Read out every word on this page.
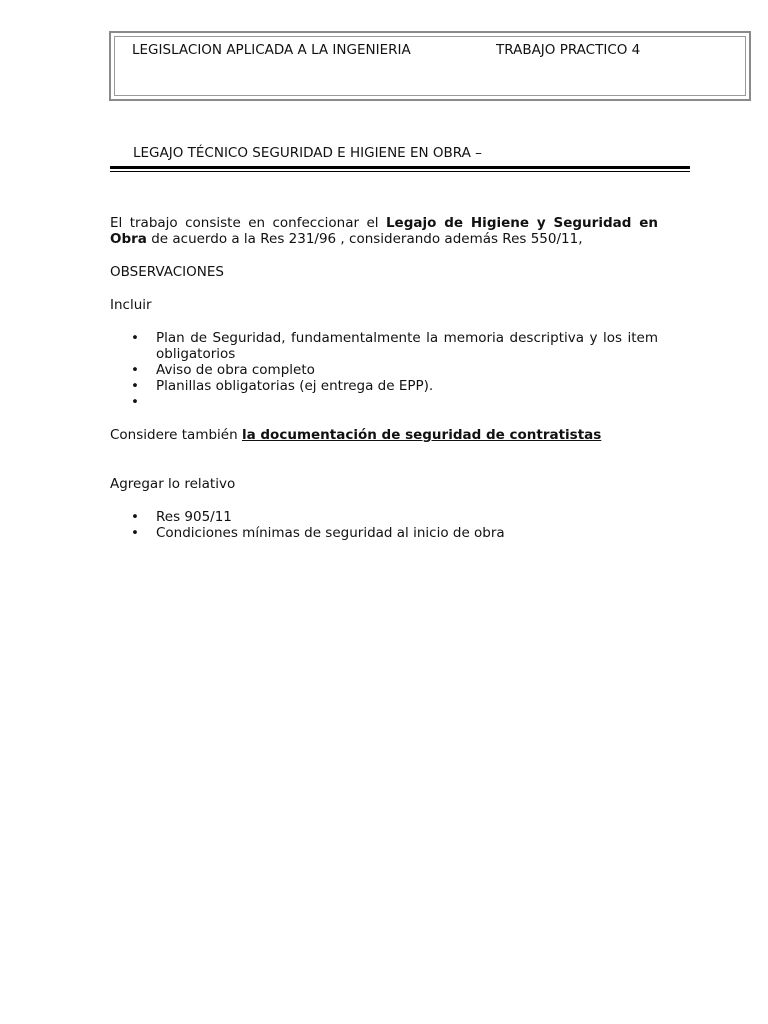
LEGISLACION APLICADA A LA INGENIERIA	TRABAJO PRACTICO 4
LEGAJO TÉCNICO SEGURIDAD E HIGIENE EN OBRA –
El trabajo consiste en confeccionar el Legajo de Higiene y Seguridad en Obra de acuerdo a la Res 231/96 , considerando además Res 550/11,
OBSERVACIONES
Incluir
• Plan de Seguridad, fundamentalmente la memoria descriptiva y los item obligatorios
• Aviso de obra completo
• Planillas obligatorias (ej entrega de EPP).
•
Considere también la documentación de seguridad de contratistas
Agregar lo relativo
• Res 905/11
• Condiciones mínimas de seguridad al inicio de obra
